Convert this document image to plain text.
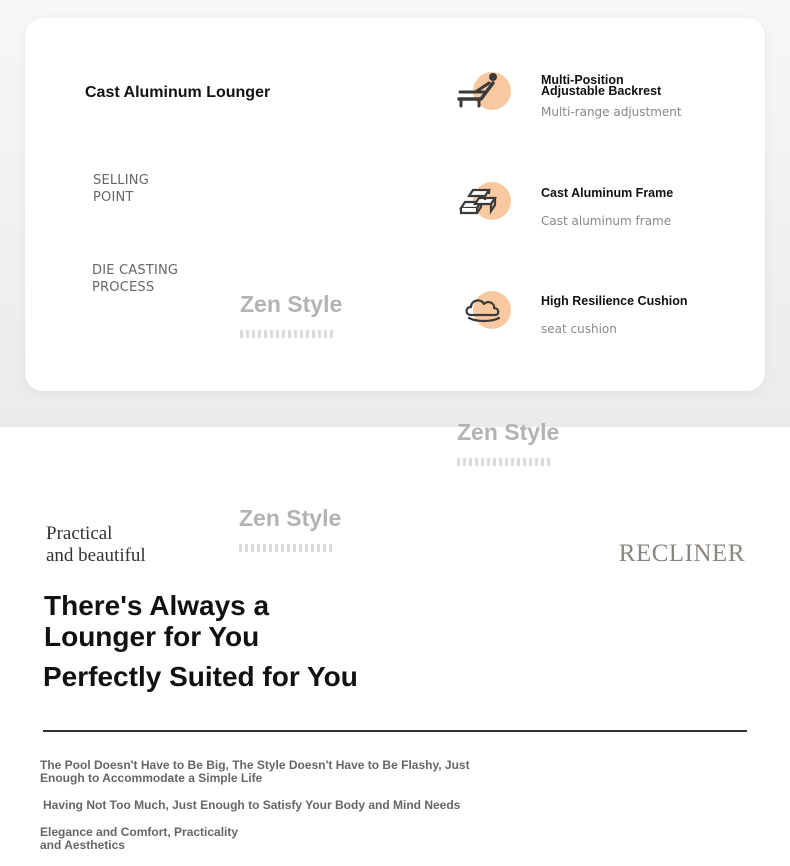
Cast Aluminum Lounger
SELLING
POINT
DIE CASTING
PROCESS
Multi-Position
Adjustable Backrest
Multi-range adjustment
Cast Aluminum Frame
Cast aluminum frame
High Resilience Cushion
seat cushion
Zen Style
Zen Style
Zen Style
Practical
and beautiful	RECLINER
There's Always a Lounger for You
Perfectly Suited for You
The Pool Doesn't Have to Be Big, The Style Doesn't Have to Be Flashy, Just Enough to Accommodate a Simple Life
Having Not Too Much, Just Enough to Satisfy Your Body and Mind Needs
Elegance and Comfort, Practicality and Aesthetics
